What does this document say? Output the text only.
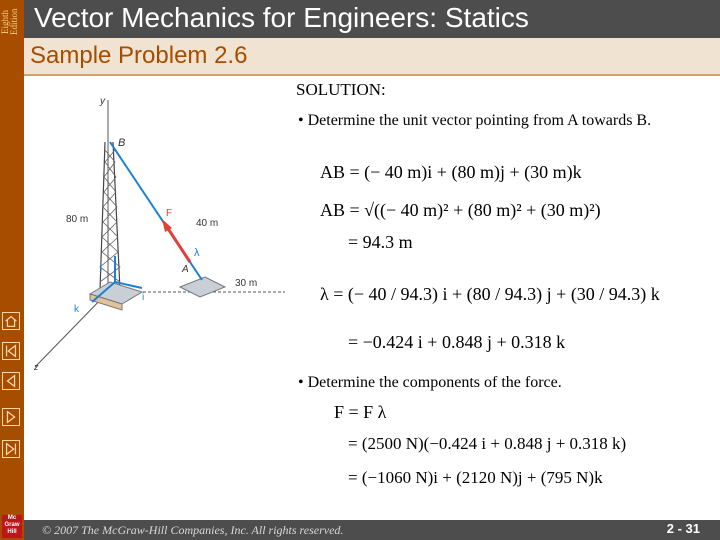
Eighth Edition
Mc Graw Hill
Vector Mechanics for Engineers: Statics
Sample Problem 2.6
y
B
F
80 m	40 m
λ
j	A
i
k
z
30 m
SOLUTION:
• Determine the unit vector pointing from A towards B.
AB = (− 40 m)i + (80 m)j + (30 m)k
AB = √((− 40 m)² + (80 m)² + (30 m)²)
= 94.3 m
λ = (− 40 / 94.3) i + (80 / 94.3) j + (30 / 94.3) k
= −0.424 i + 0.848 j + 0.318 k
• Determine the components of the force.
F = F λ
= (2500 N)(−0.424 i + 0.848 j + 0.318 k)
= (−1060 N)i + (2120 N)j + (795 N)k
© 2007 The McGraw-Hill Companies, Inc. All rights reserved.	2 - 31
